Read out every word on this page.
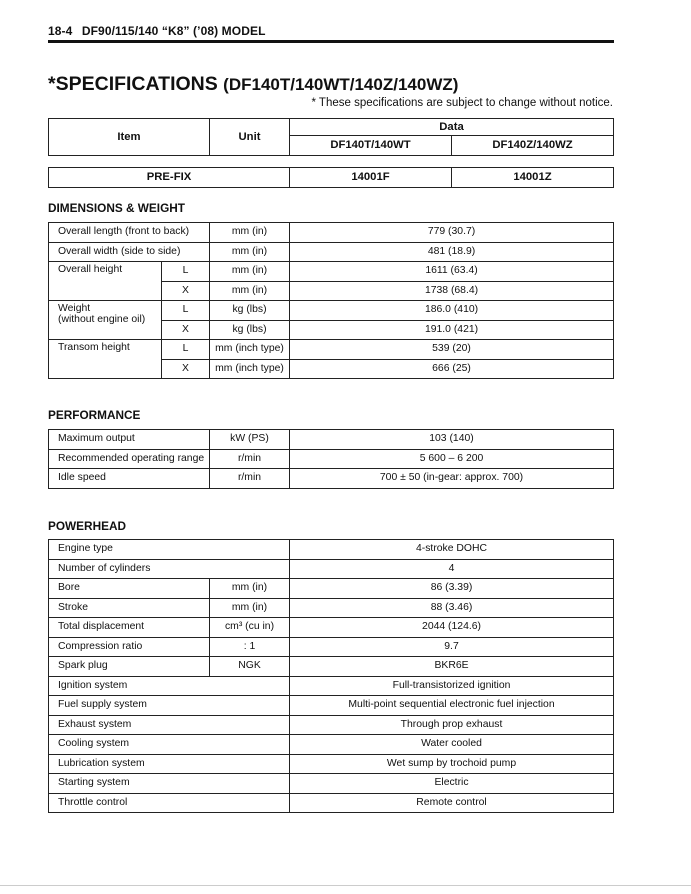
18-4 DF90/115/140 “K8” (’08) MODEL
*SPECIFICATIONS (DF140T/140WT/140Z/140WZ)
* These specifications are subject to change without notice.
Item	Unit	Data	
		DF140T/140WT	DF140Z/140WZ
PRE-FIX	14001F	14001Z
DIMENSIONS & WEIGHT
Overall length (front to back)		mm (in)	779 (30.7)
Overall width (side to side)		mm (in)	481 (18.9)
Overall height	L	mm (in)	1611 (63.4)
	X	mm (in)	1738 (68.4)
Weight
(without engine oil)	L	kg (lbs)	186.0 (410)
	X	kg (lbs)	191.0 (421)
Transom height	L	mm (inch type)	539 (20)
	X	mm (inch type)	666 (25)
PERFORMANCE
Maximum output	kW (PS)	103 (140)
Recommended operating range	r/min	5 600 – 6 200
Idle speed	r/min	700 ± 50 (in-gear: approx. 700)
POWERHEAD
Engine type		4-stroke DOHC
Number of cylinders		4
Bore	mm (in)	86 (3.39)
Stroke	mm (in)	88 (3.46)
Total displacement	cm³ (cu in)	2044 (124.6)
Compression ratio	: 1	9.7
Spark plug	NGK	BKR6E
Ignition system		Full-transistorized ignition
Fuel supply system		Multi-point sequential electronic fuel injection
Exhaust system		Through prop exhaust
Cooling system		Water cooled
Lubrication system		Wet sump by trochoid pump
Starting system		Electric
Throttle control		Remote control
